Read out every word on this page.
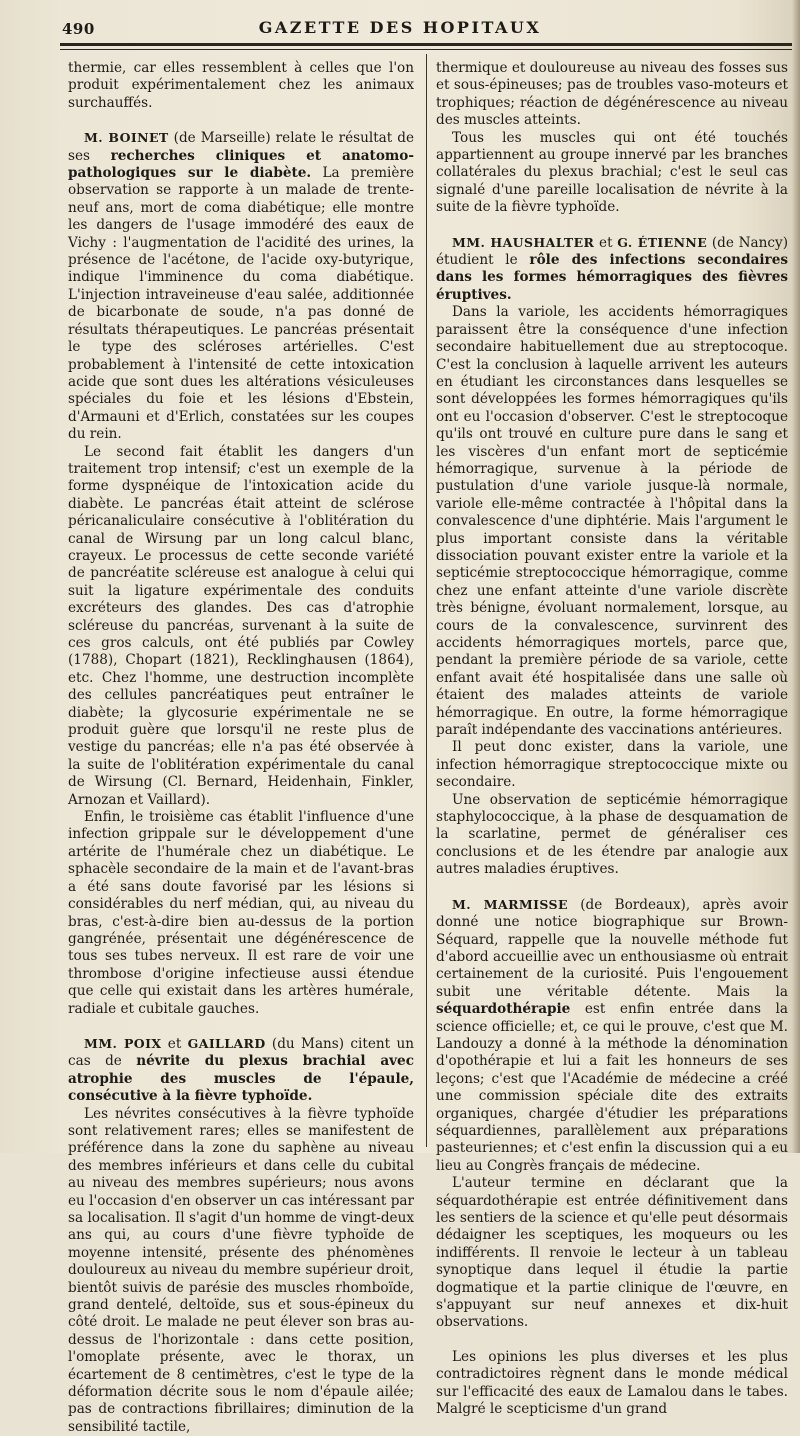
490	GAZETTE DES HOPITAUX

thermie, car elles ressemblent à celles que l'on produit expérimentalement chez les animaux surchauffés.

M. BOINET (de Marseille) relate le résultat de ses recherches cliniques et anatomo-pathologiques sur le diabète. La première observation se rapporte à un malade de trente-neuf ans, mort de coma diabétique; elle montre les dangers de l'usage immodéré des eaux de Vichy : l'augmentation de l'acidité des urines, la présence de l'acétone, de l'acide oxy-butyrique, indique l'imminence du coma diabétique. L'injection intraveineuse d'eau salée, additionnée de bicarbonate de soude, n'a pas donné de résultats thérapeutiques. Le pancréas présentait le type des scléroses artérielles. C'est probablement à l'intensité de cette intoxication acide que sont dues les altérations vésiculeuses spéciales du foie et les lésions d'Ebstein, d'Armauni et d'Erlich, constatées sur les coupes du rein.

Le second fait établit les dangers d'un traitement trop intensif; c'est un exemple de la forme dyspnéique de l'intoxication acide du diabète. Le pancréas était atteint de sclérose péricanaliculaire consécutive à l'oblitération du canal de Wirsung par un long calcul blanc, crayeux. Le processus de cette seconde variété de pancréatite scléreuse est analogue à celui qui suit la ligature expérimentale des conduits excréteurs des glandes. Des cas d'atrophie scléreuse du pancréas, survenant à la suite de ces gros calculs, ont été publiés par Cowley (1788), Chopart (1821), Recklinghausen (1864), etc. Chez l'homme, une destruction incomplète des cellules pancréatiques peut entraîner le diabète; la glycosurie expérimentale ne se produit guère que lorsqu'il ne reste plus de vestige du pancréas; elle n'a pas été observée à la suite de l'oblitération expérimentale du canal de Wirsung (Cl. Bernard, Heidenhain, Finkler, Arnozan et Vaillard).

Enfin, le troisième cas établit l'influence d'une infection grippale sur le développement d'une artérite de l'humérale chez un diabétique. Le sphacèle secondaire de la main et de l'avant-bras a été sans doute favorisé par les lésions si considérables du nerf médian, qui, au niveau du bras, c'est-à-dire bien au-dessus de la portion gangrénée, présentait une dégénérescence de tous ses tubes nerveux. Il est rare de voir une thrombose d'origine infectieuse aussi étendue que celle qui existait dans les artères humérale, radiale et cubitale gauches.

MM. POIX et GAILLARD (du Mans) citent un cas de névrite du plexus brachial avec atrophie des muscles de l'épaule, consécutive à la fièvre typhoïde.

Les névrites consécutives à la fièvre typhoïde sont relativement rares; elles se manifestent de préférence dans la zone du saphène au niveau des membres inférieurs et dans celle du cubital au niveau des membres supérieurs; nous avons eu l'occasion d'en observer un cas intéressant par sa localisation. Il s'agit d'un homme de vingt-deux ans qui, au cours d'une fièvre typhoïde de moyenne intensité, présente des phénomènes douloureux au niveau du membre supérieur droit, bientôt suivis de parésie des muscles rhomboïde, grand dentelé, deltoïde, sus et sous-épineux du côté droit. Le malade ne peut élever son bras au-dessus de l'horizontale : dans cette position, l'omoplate présente, avec le thorax, un écartement de 8 centimètres, c'est le type de la déformation décrite sous le nom d'épaule ailée; pas de contractions fibrillaires; diminution de la sensibilité tactile,

thermique et douloureuse au niveau des fosses sus et sous-épineuses; pas de troubles vaso-moteurs et trophiques; réaction de dégénérescence au niveau des muscles atteints.

Tous les muscles qui ont été touchés appartiennent au groupe innervé par les branches collatérales du plexus brachial; c'est le seul cas signalé d'une pareille localisation de névrite à la suite de la fièvre typhoïde.

MM. HAUSHALTER et G. ÉTIENNE (de Nancy) étudient le rôle des infections secondaires dans les formes hémorragiques des fièvres éruptives.

Dans la variole, les accidents hémorragiques paraissent être la conséquence d'une infection secondaire habituellement due au streptocoque. C'est la conclusion à laquelle arrivent les auteurs en étudiant les circonstances dans lesquelles se sont développées les formes hémorragiques qu'ils ont eu l'occasion d'observer. C'est le streptocoque qu'ils ont trouvé en culture pure dans le sang et les viscères d'un enfant mort de septicémie hémorragique, survenue à la période de pustulation d'une variole jusque-là normale, variole elle-même contractée à l'hôpital dans la convalescence d'une diphtérie. Mais l'argument le plus important consiste dans la véritable dissociation pouvant exister entre la variole et la septicémie streptococcique hémorragique, comme chez une enfant atteinte d'une variole discrète très bénigne, évoluant normalement, lorsque, au cours de la convalescence, survinrent des accidents hémorragiques mortels, parce que, pendant la première période de sa variole, cette enfant avait été hospitalisée dans une salle où étaient des malades atteints de variole hémorragique. En outre, la forme hémorragique paraît indépendante des vaccinations antérieures.

Il peut donc exister, dans la variole, une infection hémorragique streptococcique mixte ou secondaire.

Une observation de septicémie hémorragique staphylococcique, à la phase de desquamation de la scarlatine, permet de généraliser ces conclusions et de les étendre par analogie aux autres maladies éruptives.

M. MARMISSE (de Bordeaux), après avoir donné une notice biographique sur Brown-Séquard, rappelle que la nouvelle méthode fut d'abord accueillie avec un enthousiasme où entrait certainement de la curiosité. Puis l'engouement subit une véritable détente. Mais la séquardothérapie est enfin entrée dans la science officielle; et, ce qui le prouve, c'est que M. Landouzy a donné à la méthode la dénomination d'opothérapie et lui a fait les honneurs de ses leçons; c'est que l'Académie de médecine a créé une commission spéciale dite des extraits organiques, chargée d'étudier les préparations séquardiennes, parallèlement aux préparations pasteuriennes; et c'est enfin la discussion qui a eu lieu au Congrès français de médecine.

L'auteur termine en déclarant que la séquardothérapie est entrée définitivement dans les sentiers de la science et qu'elle peut désormais dédaigner les sceptiques, les moqueurs ou les indifférents. Il renvoie le lecteur à un tableau synoptique dans lequel il étudie la partie dogmatique et la partie clinique de l'œuvre, en s'appuyant sur neuf annexes et dix-huit observations.

Les opinions les plus diverses et les plus contradictoires règnent dans le monde médical sur l'efficacité des eaux de Lamalou dans le tabes. Malgré le scepticisme d'un grand
